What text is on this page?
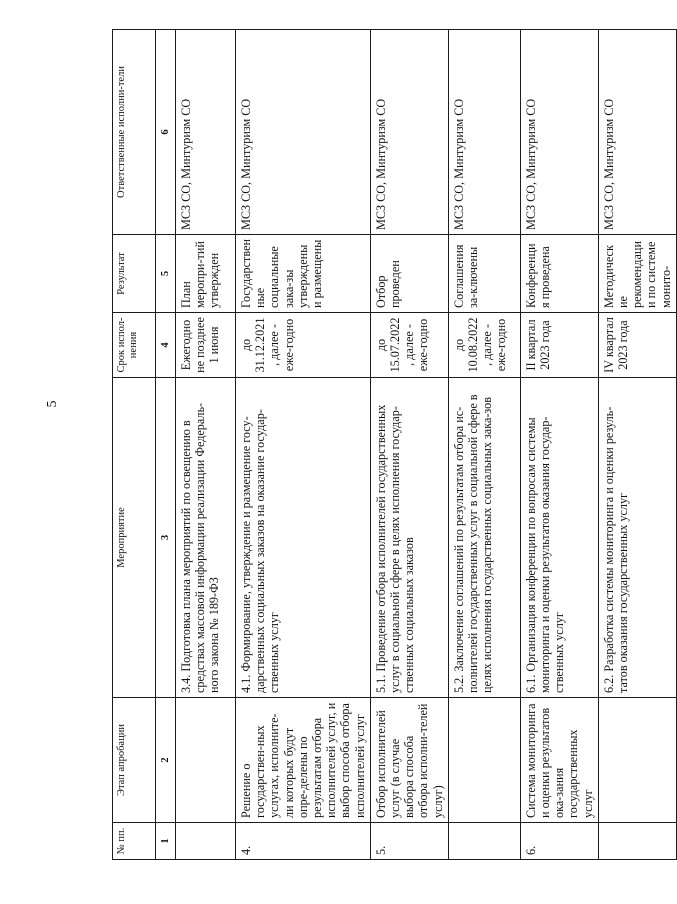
5
№ пп.	Этап апробации	Мероприятие	Срок испол-нения	Результат	Ответственные исполни-тели
1	2	3	4	5	6
		3.4. Подготовка плана мероприятий по освещению в средствах массовой информации реализации Федераль-ного закона № 189-ФЗ	Ежегодно не позднее 1 июня	План меропри-тий утвержден	МСЗ СО, Минтуризм СО
4.	Решение о государствен-ных услугах, исполните-ли которых будут опре-делены по результатам отбора исполнителей услуг, и выбор способа отбора исполнителей услуг	4.1. Формирование, утверждение и размещение госу-дарственных социальных заказов на оказание государ-ственных услуг	до 31.12.2021, далее - еже-годно	Государственные социальные зака-зы утверждены и размещены	МСЗ СО, Минтуризм СО
5.	Отбор исполнителей услуг (в случае выбора способа отбора исполни-телей услуг)	5.1. Проведение отбора исполнителей государственных услуг в социальной сфере в целях исполнения государ-ственных социальных заказов	до 15.07.2022, далее - еже-годно	Отбор проведен	МСЗ СО, Минтуризм СО
		5.2. Заключение соглашений по результатам отбора ис-полнителей государственных услуг в социальной сфере в целях исполнения государственных социальных зака-зов	до 10.08.2022, далее - еже-годно	Соглашения за-ключены	МСЗ СО, Минтуризм СО
6.	Система мониторинга и оценки результатов ока-зания государственных услуг	6.1. Организация конференции по вопросам системы мониторинга и оценки результатов оказания государ-ственных услуг	II квартал 2023 года	Конференция проведена	МСЗ СО, Минтуризм СО
		6.2. Разработка системы мониторинга и оценки резуль-татов оказания государственных услуг	IV квартал 2023 года	Методические рекомендации по системе монито-	МСЗ СО, Минтуризм СО
